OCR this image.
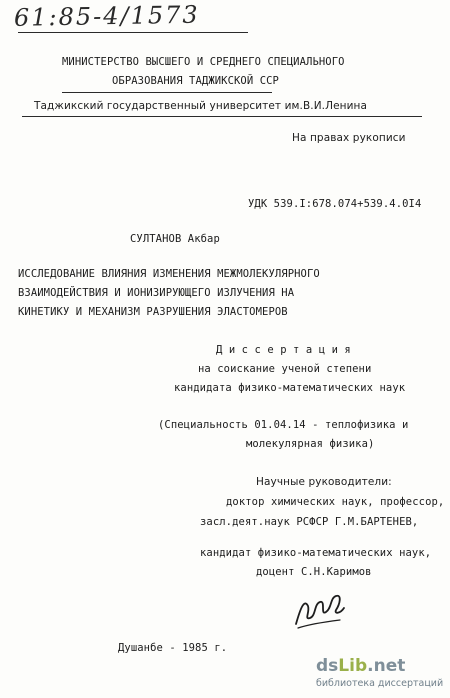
61:85-4/1573
МИНИСТЕРСТВО ВЫСШЕГО И СРЕДНЕГО СПЕЦИАЛЬНОГО
ОБРАЗОВАНИЯ ТАДЖИКСКОЙ ССР
Таджикский государственный университет им.В.И.Ленина
На правах рукописи
УДК 539.I:678.074+539.4.0I4
СУЛТАНОВ Акбар
ИССЛЕДОВАНИЕ ВЛИЯНИЯ ИЗМЕНЕНИЯ МЕЖМОЛЕКУЛЯРНОГО
ВЗАИМОДЕЙСТВИЯ И ИОНИЗИРУЮЩЕГО ИЗЛУЧЕНИЯ НА
КИНЕТИКУ И МЕХАНИЗМ РАЗРУШЕНИЯ ЭЛАСТОМЕРОВ
Д и с с е р т а ц и я
на соискание ученой степени
кандидата физико-математических наук
(Специальность 01.04.14 - теплофизика и
молекулярная физика)
Научные руководители:
доктор химических наук, профессор,
засл.деят.наук РСФСР Г.М.БАРТЕНЕВ,
кандидат физико-математических наук,
доцент С.Н.Каримов
Душанбе - 1985 г.
dsLib.net
библиотека диссертаций
